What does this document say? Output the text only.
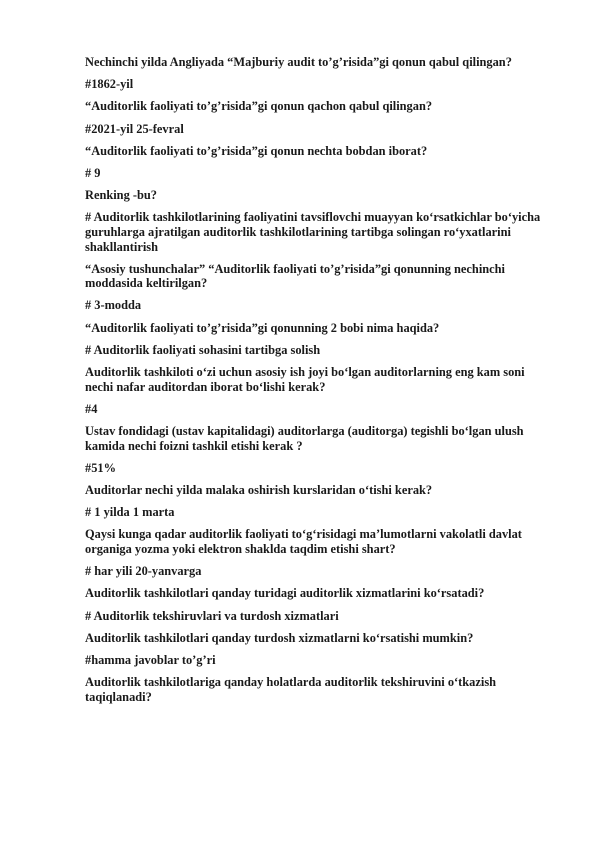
Nechinchi yilda Angliyada “Majburiy audit to’g’risida”gi qonun qabul qilingan?

#1862-yil

“Auditorlik faoliyati to’g’risida”gi qonun qachon qabul qilingan?

#2021-yil 25-fevral

“Auditorlik faoliyati to’g’risida”gi qonun nechta bobdan iborat?

# 9

Renking -bu?

# Auditorlik tashkilotlarining faoliyatini tavsiflovchi muayyan ko‘rsatkichlar bo‘yicha guruhlarga ajratilgan auditorlik tashkilotlarining tartibga solingan ro‘yxatlarini shakllantirish

“Asosiy tushunchalar” “Auditorlik faoliyati to’g’risida”gi qonunning nechinchi moddasida keltirilgan?

# 3-modda

“Auditorlik faoliyati to’g’risida”gi qonunning 2 bobi nima haqida?

# Auditorlik faoliyati sohasini tartibga solish

Auditorlik tashkiloti o‘zi uchun asosiy ish joyi bo‘lgan auditorlarning eng kam soni nechi nafar auditordan iborat bo‘lishi kerak?

#4

Ustav fondidagi (ustav kapitalidagi) auditorlarga (auditorga) tegishli bo‘lgan ulush kamida nechi foizni tashkil etishi kerak ?

#51%

Auditorlar nechi yilda malaka oshirish kurslaridan o‘tishi kerak?

# 1 yilda 1 marta

Qaysi kunga qadar auditorlik faoliyati to‘g‘risidagi ma’lumotlarni vakolatli davlat organiga yozma yoki elektron shaklda taqdim etishi shart?

# har yili 20-yanvarga

Auditorlik tashkilotlari qanday turidagi auditorlik xizmatlarini ko‘rsatadi?

# Auditorlik tekshiruvlari va turdosh xizmatlari

Auditorlik tashkilotlari qanday turdosh xizmatlarni ko‘rsatishi mumkin?

#hamma javoblar to’g’ri

Auditorlik tashkilotlariga qanday holatlarda auditorlik tekshiruvini o‘tkazish taqiqlanadi?
